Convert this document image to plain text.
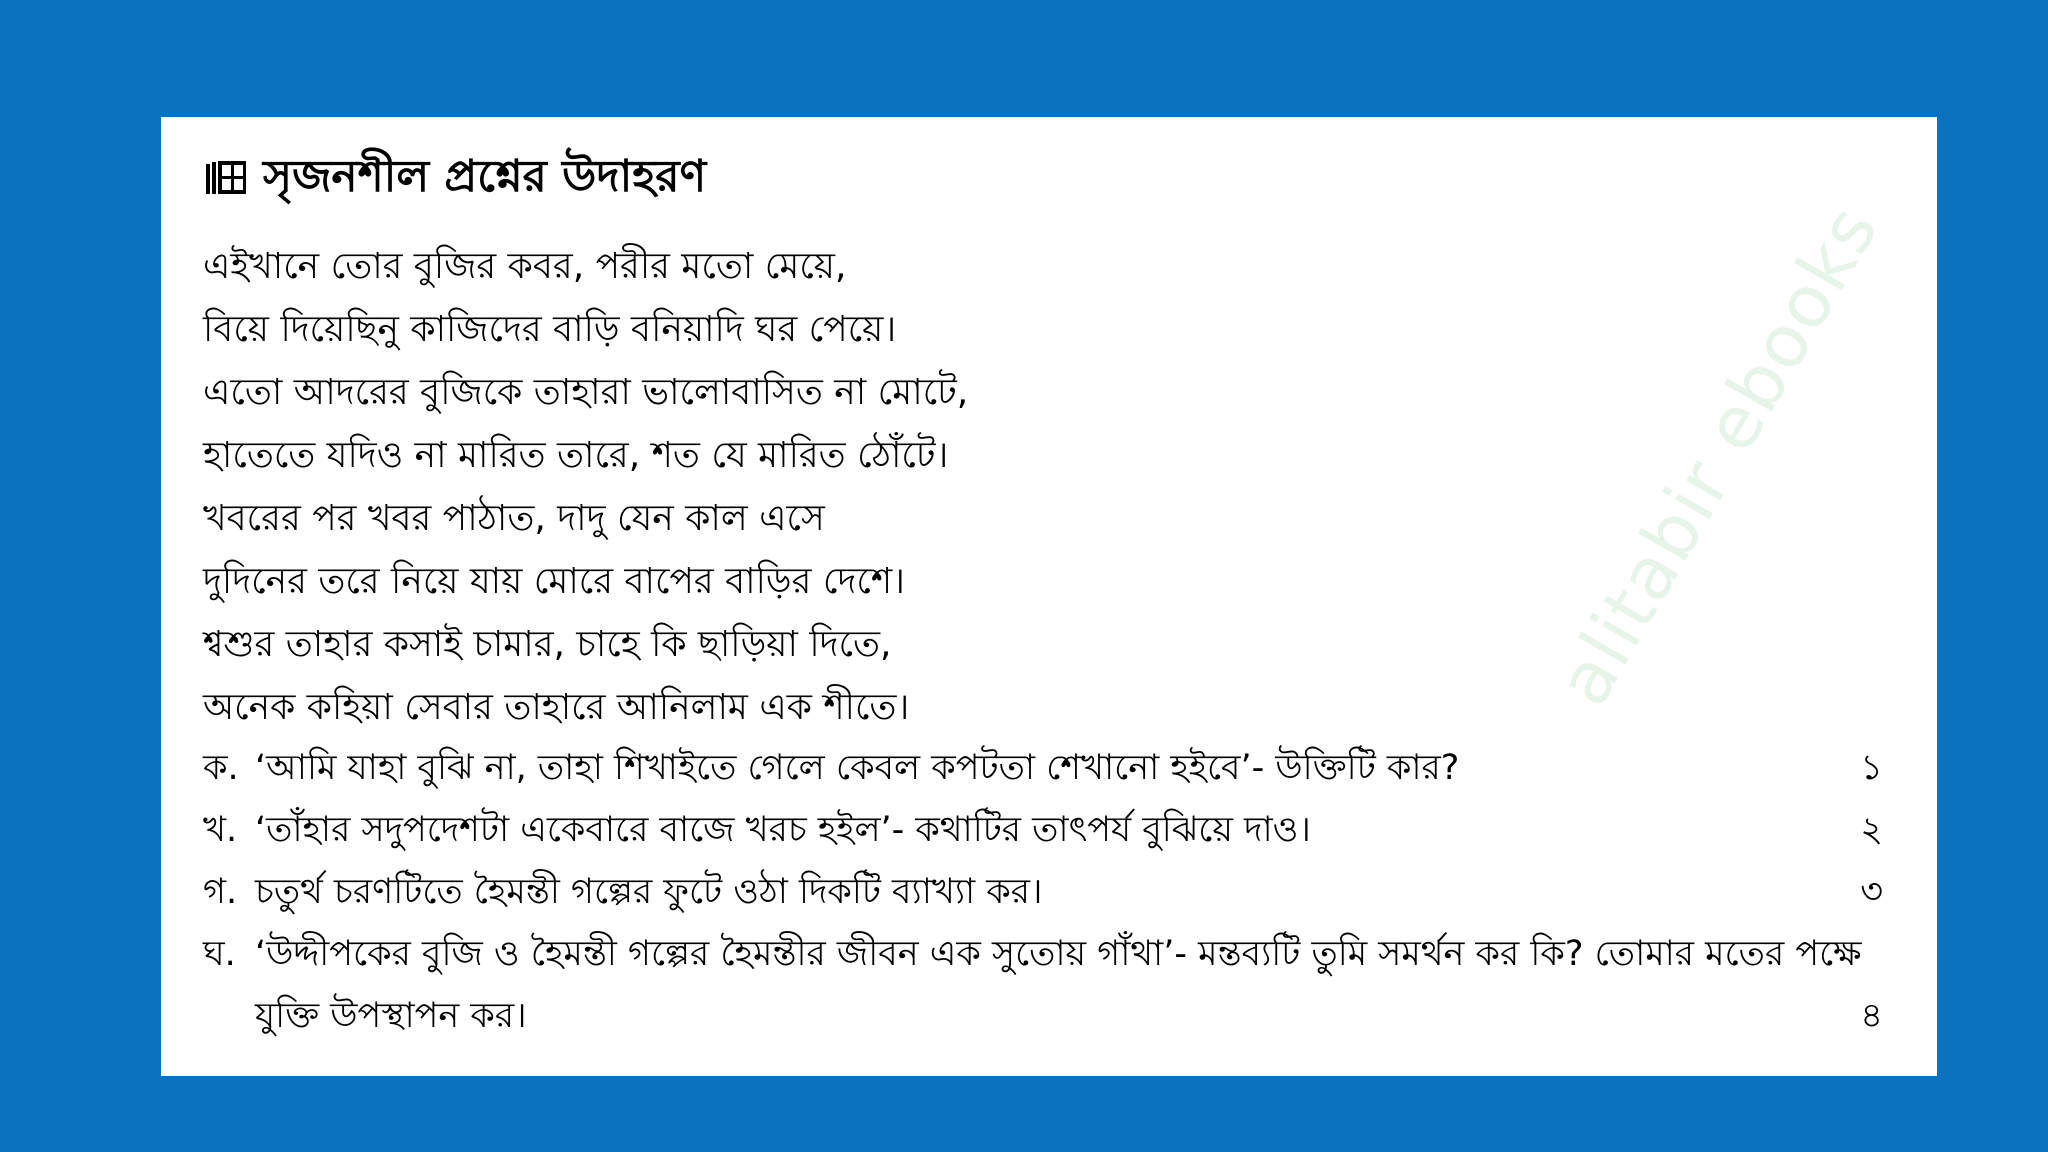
alitabir ebooks
সৃজনশীল প্রশ্নের উদাহরণ
এইখানে তোর বুজির কবর, পরীর মতো মেয়ে,
বিয়ে দিয়েছিনু কাজিদের বাড়ি বনিয়াদি ঘর পেয়ে।
এতো আদরের বুজিকে তাহারা ভালোবাসিত না মোটে,
হাতেতে যদিও না মারিত তারে, শত যে মারিত ঠোঁটে।
খবরের পর খবর পাঠাত, দাদু যেন কাল এসে
দুদিনের তরে নিয়ে যায় মোরে বাপের বাড়ির দেশে।
শ্বশুর তাহার কসাই চামার, চাহে কি ছাড়িয়া দিতে,
অনেক কহিয়া সেবার তাহারে আনিলাম এক শীতে।
ক. ‘আমি যাহা বুঝি না, তাহা শিখাইতে গেলে কেবল কপটতা শেখানো হইবে’- উক্তিটি কার?	১
খ. ‘তাঁহার সদুপদেশটা একেবারে বাজে খরচ হইল’- কথাটির তাৎপর্য বুঝিয়ে দাও।	২
গ. চতুর্থ চরণটিতে হৈমন্তী গল্পের ফুটে ওঠা দিকটি ব্যাখ্যা কর।	৩
ঘ. ‘উদ্দীপকের বুজি ও হৈমন্তী গল্পের হৈমন্তীর জীবন এক সুতোয় গাঁথা’- মন্তব্যটি তুমি সমর্থন কর কি? তোমার মতের পক্ষে
যুক্তি উপস্থাপন কর।	৪
